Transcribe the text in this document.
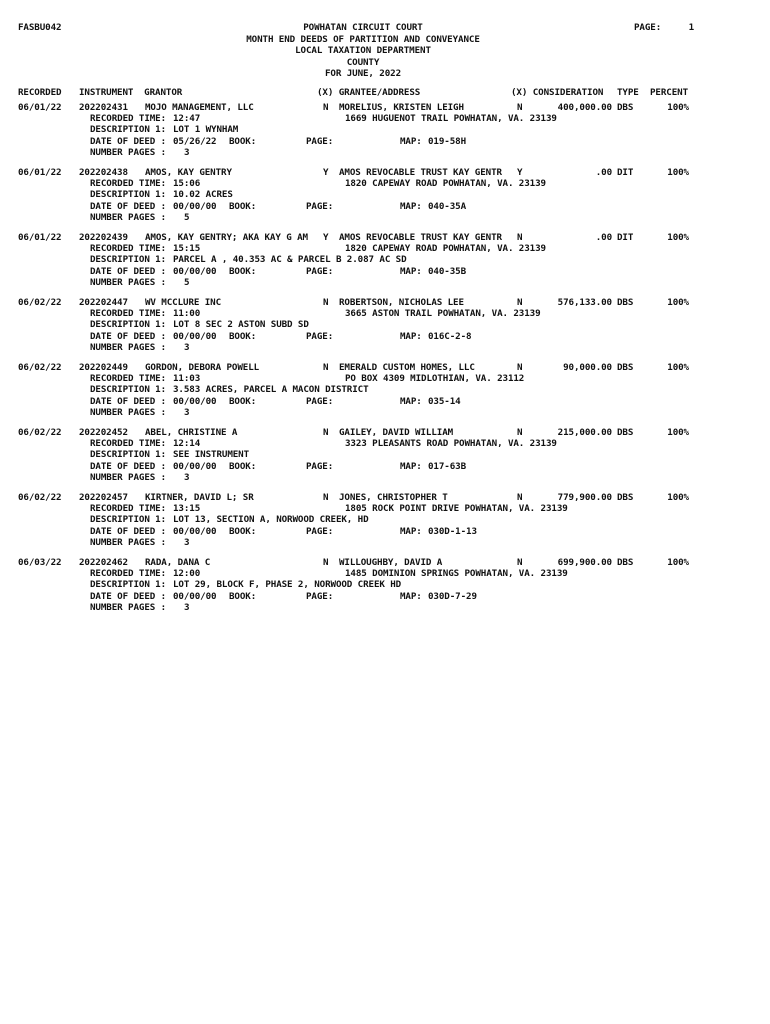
FASBU042	PAGE:	1
POWHATAN CIRCUIT COURT
MONTH END DEEDS OF PARTITION AND CONVEYANCE
LOCAL TAXATION DEPARTMENT
COUNTY
FOR JUNE, 2022
RECORDED INSTRUMENT  GRANTOR	(X) GRANTEE/ADDRESS	(X) CONSIDERATION TYPE PERCENT
06/01/22 202202431 MOJO MANAGEMENT, LLC	N MORELIUS, KRISTEN LEIGH	N	400,000.00 DBS	100%
RECORDED TIME: 12:47	1669 HUGUENOT TRAIL POWHATAN, VA. 23139
DESCRIPTION 1: LOT 1 WYNHAM
DATE OF DEED : 05/26/22 BOOK:	PAGE:	MAP: 019-58H
NUMBER PAGES : 3
06/01/22 202202438 AMOS, KAY GENTRY	Y AMOS REVOCABLE TRUST KAY GENTR Y	.00 DIT	100%
RECORDED TIME: 15:06	1820 CAPEWAY ROAD POWHATAN, VA. 23139
DESCRIPTION 1: 10.02 ACRES
DATE OF DEED : 00/00/00 BOOK:	PAGE:	MAP: 040-35A
NUMBER PAGES : 5
06/01/22 202202439 AMOS, KAY GENTRY; AKA KAY G AM Y AMOS REVOCABLE TRUST KAY GENTR N	.00 DIT	100%
RECORDED TIME: 15:15	1820 CAPEWAY ROAD POWHATAN, VA. 23139
DESCRIPTION 1: PARCEL A , 40.353 AC & PARCEL B 2.087 AC SD
DATE OF DEED : 00/00/00 BOOK:	PAGE:	MAP: 040-35B
NUMBER PAGES : 5
06/02/22 202202447 WV MCCLURE INC	N ROBERTSON, NICHOLAS LEE	N	576,133.00 DBS	100%
RECORDED TIME: 11:00	3665 ASTON TRAIL POWHATAN, VA. 23139
DESCRIPTION 1: LOT 8 SEC 2 ASTON SUBD SD
DATE OF DEED : 00/00/00 BOOK:	PAGE:	MAP: 016C-2-8
NUMBER PAGES : 3
06/02/22 202202449 GORDON, DEBORA POWELL	N EMERALD CUSTOM HOMES, LLC	N	90,000.00 DBS	100%
RECORDED TIME: 11:03	PO BOX 4309 MIDLOTHIAN, VA. 23112
DESCRIPTION 1: 3.583 ACRES, PARCEL A MACON DISTRICT
DATE OF DEED : 00/00/00 BOOK:	PAGE:	MAP: 035-14
NUMBER PAGES : 3
06/02/22 202202452 ABEL, CHRISTINE A	N GAILEY, DAVID WILLIAM	N	215,000.00 DBS	100%
RECORDED TIME: 12:14	3323 PLEASANTS ROAD POWHATAN, VA. 23139
DESCRIPTION 1: SEE INSTRUMENT
DATE OF DEED : 00/00/00 BOOK:	PAGE:	MAP: 017-63B
NUMBER PAGES : 3
06/02/22 202202457 KIRTNER, DAVID L; SR	N JONES, CHRISTOPHER T	N	779,900.00 DBS	100%
RECORDED TIME: 13:15	1805 ROCK POINT DRIVE POWHATAN, VA. 23139
DESCRIPTION 1: LOT 13, SECTION A, NORWOOD CREEK, HD
DATE OF DEED : 00/00/00 BOOK:	PAGE:	MAP: 030D-1-13
NUMBER PAGES : 3
06/03/22 202202462 RADA, DANA C	N WILLOUGHBY, DAVID A	N	699,900.00 DBS	100%
RECORDED TIME: 12:00	1485 DOMINION SPRINGS POWHATAN, VA. 23139
DESCRIPTION 1: LOT 29, BLOCK F, PHASE 2, NORWOOD CREEK HD
DATE OF DEED : 00/00/00 BOOK:	PAGE:	MAP: 030D-7-29
NUMBER PAGES : 3
